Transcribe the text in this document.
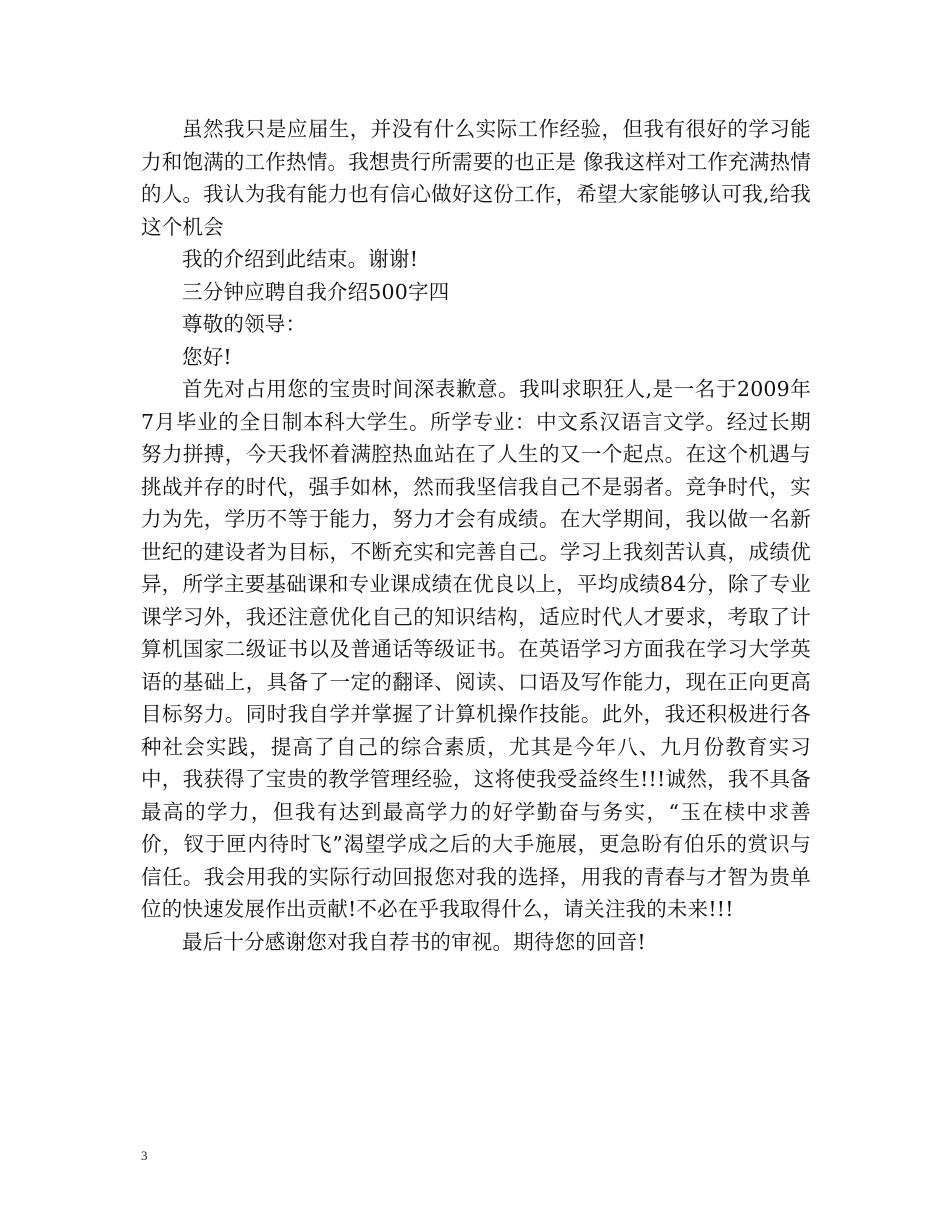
虽然我只是应届生，并没有什么实际工作经验，但我有很好的学习能力和饱满的工作热情。我想贵行所需要的也正是 像我这样对工作充满热情的人。我认为我有能力也有信心做好这份工作，希望大家能够认可我,给我这个机会

我的介绍到此结束。谢谢!

三分钟应聘自我介绍500字四

尊敬的领导：

您好!

首先对占用您的宝贵时间深表歉意。我叫求职狂人,是一名于2009年7月毕业的全日制本科大学生。所学专业：中文系汉语言文学。经过长期努力拼搏，今天我怀着满腔热血站在了人生的又一个起点。在这个机遇与挑战并存的时代，强手如林，然而我坚信我自己不是弱者。竞争时代，实力为先，学历不等于能力，努力才会有成绩。在大学期间，我以做一名新世纪的建设者为目标，不断充实和完善自己。学习上我刻苦认真，成绩优异，所学主要基础课和专业课成绩在优良以上，平均成绩84分，除了专业课学习外，我还注意优化自己的知识结构，适应时代人才要求，考取了计算机国家二级证书以及普通话等级证书。在英语学习方面我在学习大学英语的基础上，具备了一定的翻译、阅读、口语及写作能力，现在正向更高目标努力。同时我自学并掌握了计算机操作技能。此外，我还积极进行各种社会实践，提高了自己的综合素质，尤其是今年八、九月份教育实习中，我获得了宝贵的教学管理经验，这将使我受益终生!!!诚然，我不具备最高的学力，但我有达到最高学力的好学勤奋与务实，“玉在椟中求善价，钗于匣内待时飞”渴望学成之后的大手施展，更急盼有伯乐的赏识与信任。我会用我的实际行动回报您对我的选择，用我的青春与才智为贵单位的快速发展作出贡献!不必在乎我取得什么，请关注我的未来!!!

最后十分感谢您对我自荐书的审视。期待您的回音!

3
